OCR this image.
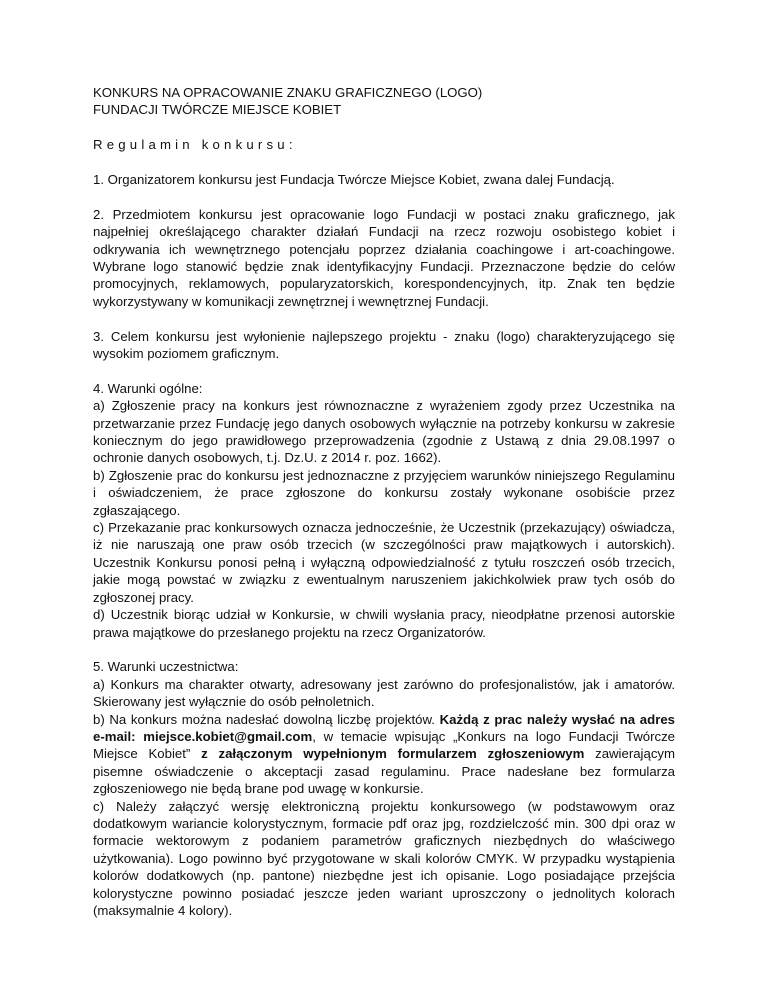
KONKURS NA OPRACOWANIE ZNAKU GRAFICZNEGO (LOGO)

FUNDACJI TWÓRCZE MIEJSCE KOBIET

Regulamin konkursu:

1. Organizatorem konkursu jest Fundacja Twórcze Miejsce Kobiet, zwana dalej Fundacją.

2. Przedmiotem konkursu jest opracowanie logo Fundacji w postaci znaku graficznego, jak najpełniej określającego charakter działań Fundacji na rzecz rozwoju osobistego kobiet i odkrywania ich wewnętrznego potencjału poprzez działania coachingowe i art-coachingowe. Wybrane logo stanowić będzie znak identyfikacyjny Fundacji. Przeznaczone będzie do celów promocyjnych, reklamowych, popularyzatorskich, korespondencyjnych, itp. Znak ten będzie wykorzystywany w komunikacji zewnętrznej i wewnętrznej Fundacji.

3. Celem konkursu jest wyłonienie najlepszego projektu - znaku (logo) charakteryzującego się wysokim poziomem graficznym.

4. Warunki ogólne:

a) Zgłoszenie pracy na konkurs jest równoznaczne z wyrażeniem zgody przez Uczestnika na przetwarzanie przez Fundację jego danych osobowych wyłącznie na potrzeby konkursu w zakresie koniecznym do jego prawidłowego przeprowadzenia (zgodnie z Ustawą z dnia 29.08.1997 o ochronie danych osobowych, t.j. Dz.U. z 2014 r. poz. 1662).

b) Zgłoszenie prac do konkursu jest jednoznaczne z przyjęciem warunków niniejszego Regulaminu i oświadczeniem, że prace zgłoszone do konkursu zostały wykonane osobiście przez zgłaszającego.

c) Przekazanie prac konkursowych oznacza jednocześnie, że Uczestnik (przekazujący) oświadcza, iż nie naruszają one praw osób trzecich (w szczególności praw majątkowych i autorskich). Uczestnik Konkursu ponosi pełną i wyłączną odpowiedzialność z tytułu roszczeń osób trzecich, jakie mogą powstać w związku z ewentualnym naruszeniem jakichkolwiek praw tych osób do zgłoszonej pracy.

d) Uczestnik biorąc udział w Konkursie, w chwili wysłania pracy, nieodpłatne przenosi autorskie prawa majątkowe do przesłanego projektu na rzecz Organizatorów.

5. Warunki uczestnictwa:

a) Konkurs ma charakter otwarty, adresowany jest zarówno do profesjonalistów, jak i amatorów. Skierowany jest wyłącznie do osób pełnoletnich.

b) Na konkurs można nadesłać dowolną liczbę projektów. Każdą z prac należy wysłać na adres e-mail: miejsce.kobiet@gmail.com, w temacie wpisując „Konkurs na logo Fundacji Twórcze Miejsce Kobiet” z załączonym wypełnionym formularzem zgłoszeniowym zawierającym pisemne oświadczenie o akceptacji zasad regulaminu. Prace nadesłane bez formularza zgłoszeniowego nie będą brane pod uwagę w konkursie.

c) Należy załączyć wersję elektroniczną projektu konkursowego (w podstawowym oraz dodatkowym wariancie kolorystycznym, formacie pdf oraz jpg, rozdzielczość min. 300 dpi oraz w formacie wektorowym z podaniem parametrów graficznych niezbędnych do właściwego użytkowania). Logo powinno być przygotowane w skali kolorów CMYK. W przypadku wystąpienia kolorów dodatkowych (np. pantone) niezbędne jest ich opisanie. Logo posiadające przejścia kolorystyczne powinno posiadać jeszcze jeden wariant uproszczony o jednolitych kolorach (maksymalnie 4 kolory).
